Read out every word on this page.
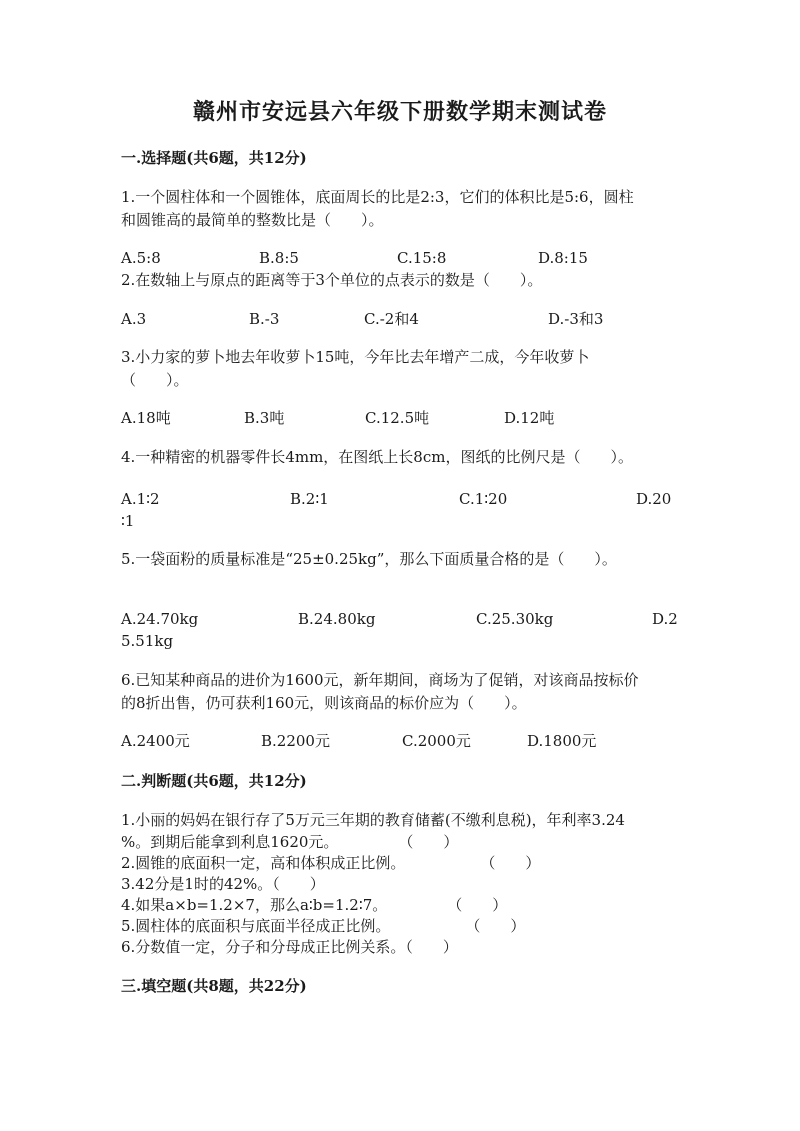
赣州市安远县六年级下册数学期末测试卷
一.选择题(共6题，共12分)
1.一个圆柱体和一个圆锥体，底面周长的比是2:3，它们的体积比是5:6，圆柱
和圆锥高的最简单的整数比是（　　）。
A.5:8	B.8:5	C.15:8	D.8:15
2.在数轴上与原点的距离等于3个单位的点表示的数是（　　）。
A.3	B.-3	C.-2和4	D.-3和3
3.小力家的萝卜地去年收萝卜15吨，今年比去年增产二成，今年收萝卜
（　　）。
A.18吨	B.3吨	C.12.5吨	D.12吨
4.一种精密的机器零件长4mm，在图纸上长8cm，图纸的比例尺是（　　）。
A.1∶2	B.2∶1	C.1∶20	D.20
∶1
5.一袋面粉的质量标准是“25±0.25kg”，那么下面质量合格的是（　　）。
A.24.70kg	B.24.80kg	C.25.30kg	D.2
5.51kg
6.已知某种商品的进价为1600元，新年期间，商场为了促销，对该商品按标价
的8折出售，仍可获利160元，则该商品的标价应为（　　）。
A.2400元	B.2200元	C.2000元	D.1800元
二.判断题(共6题，共12分)
1.小丽的妈妈在银行存了5万元三年期的教育储蓄(不缴利息税)，年利率3.24
%。到期后能拿到利息1620元。　　　　　（　　）
2.圆锥的底面积一定，高和体积成正比例。　　　　　　（　　）
3.42分是1时的42%。（　　）
4.如果a×b=1.2×7，那么a∶b=1.2∶7。　　　　　（　　）
5.圆柱体的底面积与底面半径成正比例。　　　　　　（　　）
6.分数值一定，分子和分母成正比例关系。（　　）
三.填空题(共8题，共22分)
